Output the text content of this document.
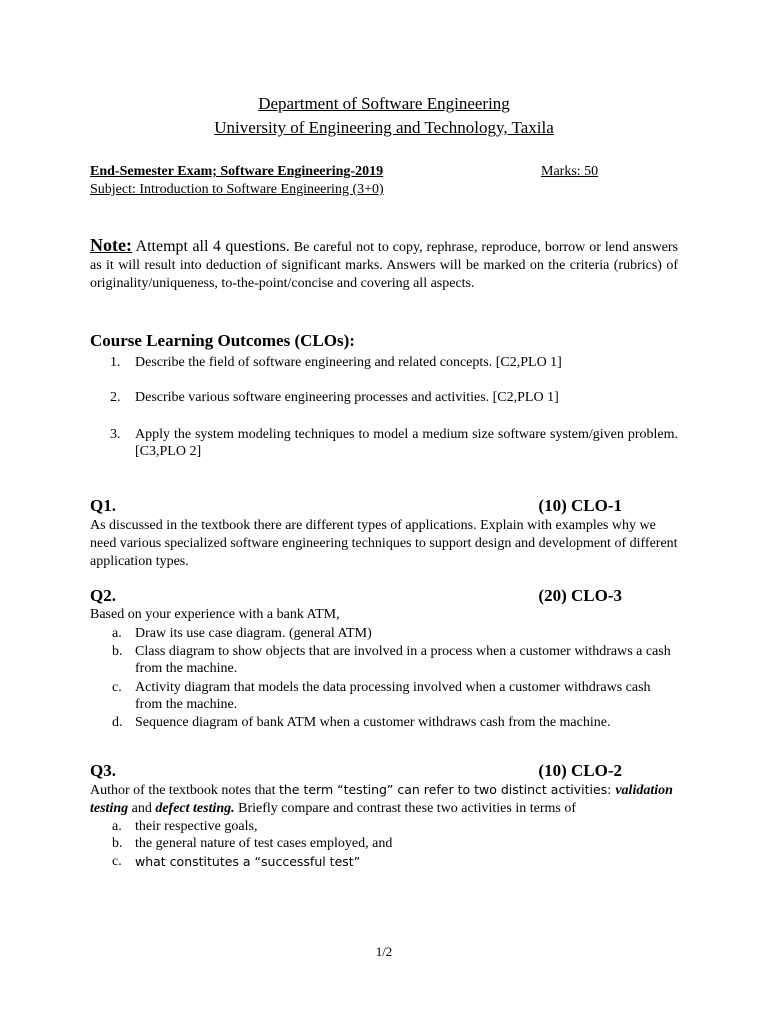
Department of Software Engineering
University of Engineering and Technology, Taxila
End-Semester Exam; Software Engineering-2019	Marks: 50
Subject: Introduction to Software Engineering (3+0)
Note: Attempt all 4 questions. Be careful not to copy, rephrase, reproduce, borrow or lend answers as it will result into deduction of significant marks. Answers will be marked on the criteria (rubrics) of originality/uniqueness, to-the-point/concise and covering all aspects.
Course Learning Outcomes (CLOs):
1. Describe the field of software engineering and related concepts. [C2,PLO 1]
2. Describe various software engineering processes and activities. [C2,PLO 1]
3. Apply the system modeling techniques to model a medium size software system/given problem. [C3,PLO 2]
Q1.	(10) CLO-1
As discussed in the textbook there are different types of applications. Explain with examples why we need various specialized software engineering techniques to support design and development of different application types.
Q2.	(20) CLO-3
Based on your experience with a bank ATM,
a. Draw its use case diagram. (general ATM)
b. Class diagram to show objects that are involved in a process when a customer withdraws a cash from the machine.
c. Activity diagram that models the data processing involved when a customer withdraws cash from the machine.
d. Sequence diagram of bank ATM when a customer withdraws cash from the machine.
Q3.	(10) CLO-2
Author of the textbook notes that the term “testing” can refer to two distinct activities: validation testing and defect testing. Briefly compare and contrast these two activities in terms of
a. their respective goals,
b. the general nature of test cases employed, and
c. what constitutes a “successful test”
1/2
